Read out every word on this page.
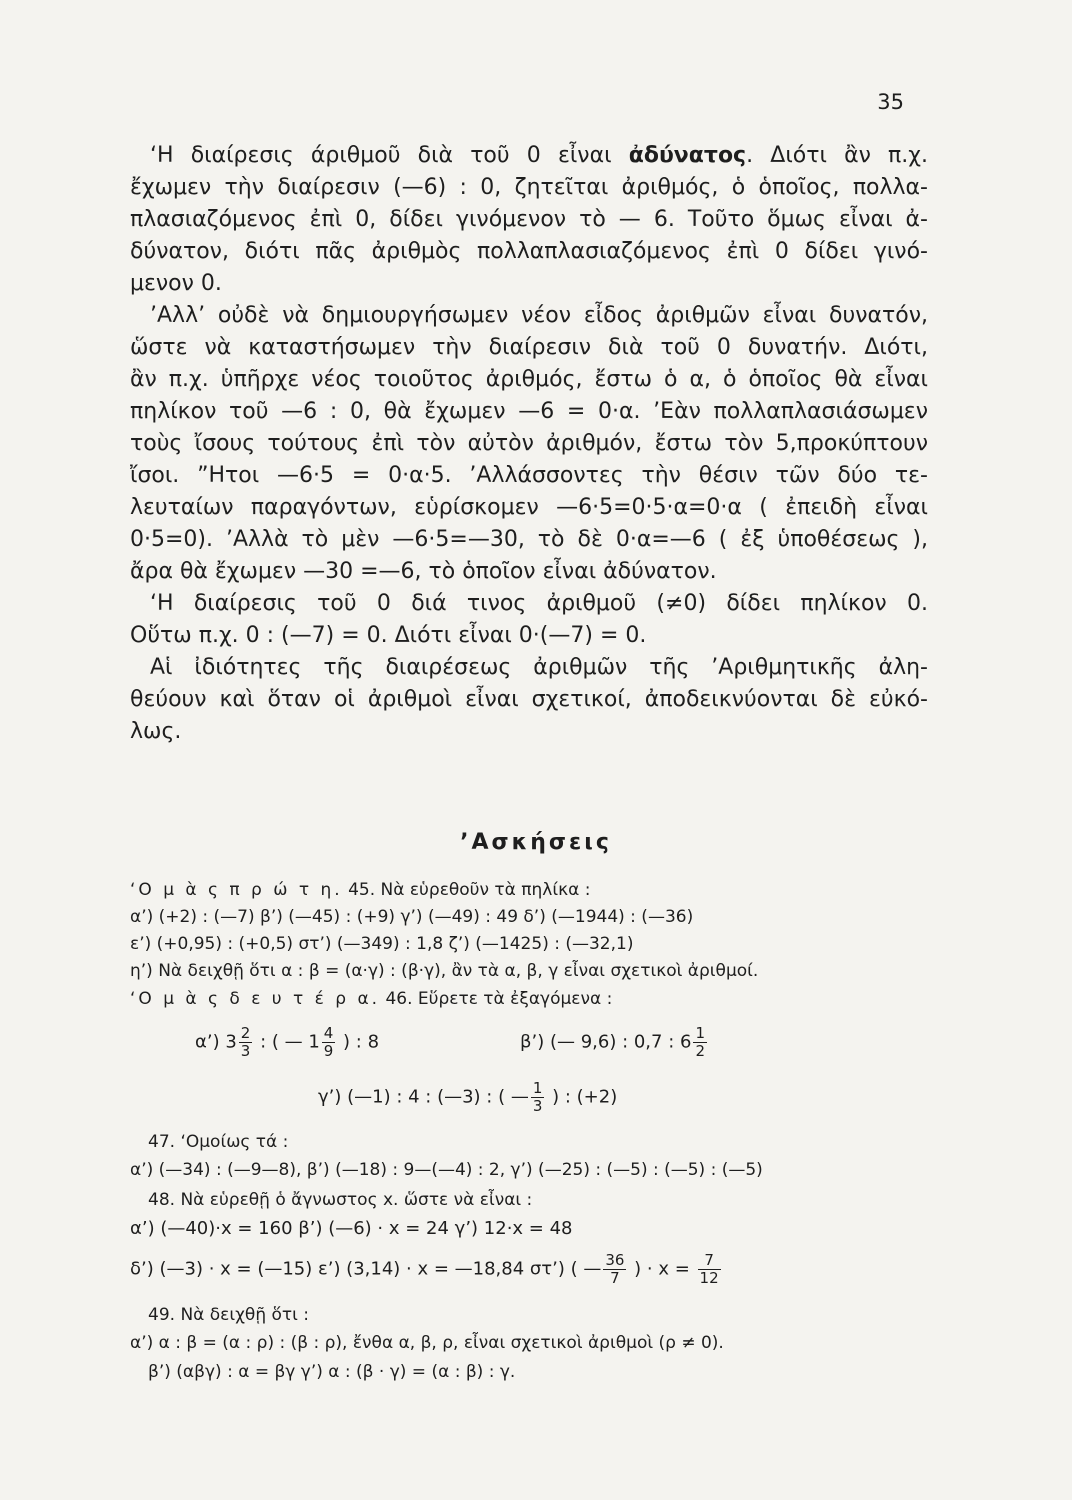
35
‘Η διαίρεσις άριθμοῦ διὰ τοῦ 0 εἶναι ἀδύνατος. Διότι ἂν π.χ.
ἔχωμεν τὴν διαίρεσιν (—6) : 0, ζητεῖται ἀριθμός, ὁ ὁποῖος, πολλα-
πλασιαζόμενος ἐπὶ 0, δίδει γινόμενον τὸ — 6. Τοῦτο ὅμως εἶναι ἀ-
δύνατον, διότι πᾶς ἀριθμὸς πολλαπλασιαζόμενος ἐπὶ 0 δίδει γινό-
μενον 0.
’Αλλ’ οὐδὲ νὰ δημιουργήσωμεν νέον εἶδος ἀριθμῶν εἶναι δυνατόν,
ὥστε νὰ καταστήσωμεν τὴν διαίρεσιν διὰ τοῦ 0 δυνατήν. Διότι,
ἂν π.χ. ὑπῆρχε νέος τοιοῦτος ἀριθμός, ἔστω ὁ α, ὁ ὁποῖος θὰ εἶναι
πηλίκον τοῦ —6 : 0, θὰ ἔχωμεν —6 = 0·α. ’Εὰν πολλαπλασιάσωμεν
τοὺς ἴσους τούτους ἐπὶ τὸν αὐτὸν ἀριθμόν, ἔστω τὸν 5,προκύπτουν
ἴσοι. ”Ητοι —6·5 = 0·α·5. ’Αλλάσσοντες τὴν θέσιν τῶν δύο τε-
λευταίων παραγόντων, εὑρίσκομεν —6·5=0·5·α=0·α ( ἐπειδὴ εἶναι
0·5=0). ’Αλλὰ τὸ μὲν —6·5=—30, τὸ δὲ 0·α=—6 ( ἐξ ὑποθέσεως ),
ἄρα θὰ ἔχωμεν —30 =—6, τὸ ὁποῖον εἶναι ἀδύνατον.
‘Η διαίρεσις τοῦ 0 διά τινος ἀριθμοῦ (≠0) δίδει πηλίκον 0.
Οὕτω π.χ. 0 : (—7) = 0. Διότι εἶναι 0·(—7) = 0.
Αἱ ἰδιότητες τῆς διαιρέσεως ἀριθμῶν τῆς ’Αριθμητικῆς ἀλη-
θεύουν καὶ ὅταν οἱ ἀριθμοὶ εἶναι σχετικοί, ἀποδεικνύονται δὲ εὐκό-
λως.
’Ασκήσεις
‘Ο μ ὰ ς π ρ ώ τ η. 45. Νὰ εὑρεθοῦν τὰ πηλίκα :
α’) (+2) : (—7) β’) (—45) : (+9) γ’) (—49) : 49 δ’) (—1944) : (—36)
ε’) (+0,95) : (+0,5) στ’) (—349) : 1,8 ζ’) (—1425) : (—32,1)
η’) Νὰ δειχθῇ ὅτι α : β = (α·γ) : (β·γ), ἂν τὰ α, β, γ εἶναι σχετικοὶ ἀριθμοί.
‘Ο μ ὰ ς δ ε υ τ έ ρ α. 46. Εὕρετε τὰ ἐξαγόμενα :
α’) $3 \frac{2}{3}$ : ( — $1 \frac{4}{9}$ ) : 8	β’) (— 9,6) : 0,7 : $6 \frac{1}{2}$
γ’) (—1) : 4 : (—3) : ( — $\frac{1}{3}$ ) : (+2)
47. ‘Ομοίως τά :
α’) (—34) : (—9—8), β’) (—18) : 9—(—4) : 2, γ’) (—25) : (—5) : (—5) : (—5)
48. Νὰ εὑρεθῇ ὁ ἄγνωστος x. ὥστε νὰ εἶναι :
α’) (—40)·x = 160 β’) (—6) · x = 24 γ’) 12·x = 48
δ’) (—3) · x = (—15) ε’) (3,14) · x = —18,84 στ’) ( — $\frac{36}{7}$ ) · $x = \frac{7}{12}$
49. Νὰ δειχθῇ ὅτι :
α’) α : β = (α : ρ) : (β : ρ), ἔνθα α, β, ρ, εἶναι σχετικοὶ ἀριθμοὶ (ρ ≠ 0).
β’) (αβγ) : α = βγ γ’) α : (β · γ) = (α : β) : γ.
